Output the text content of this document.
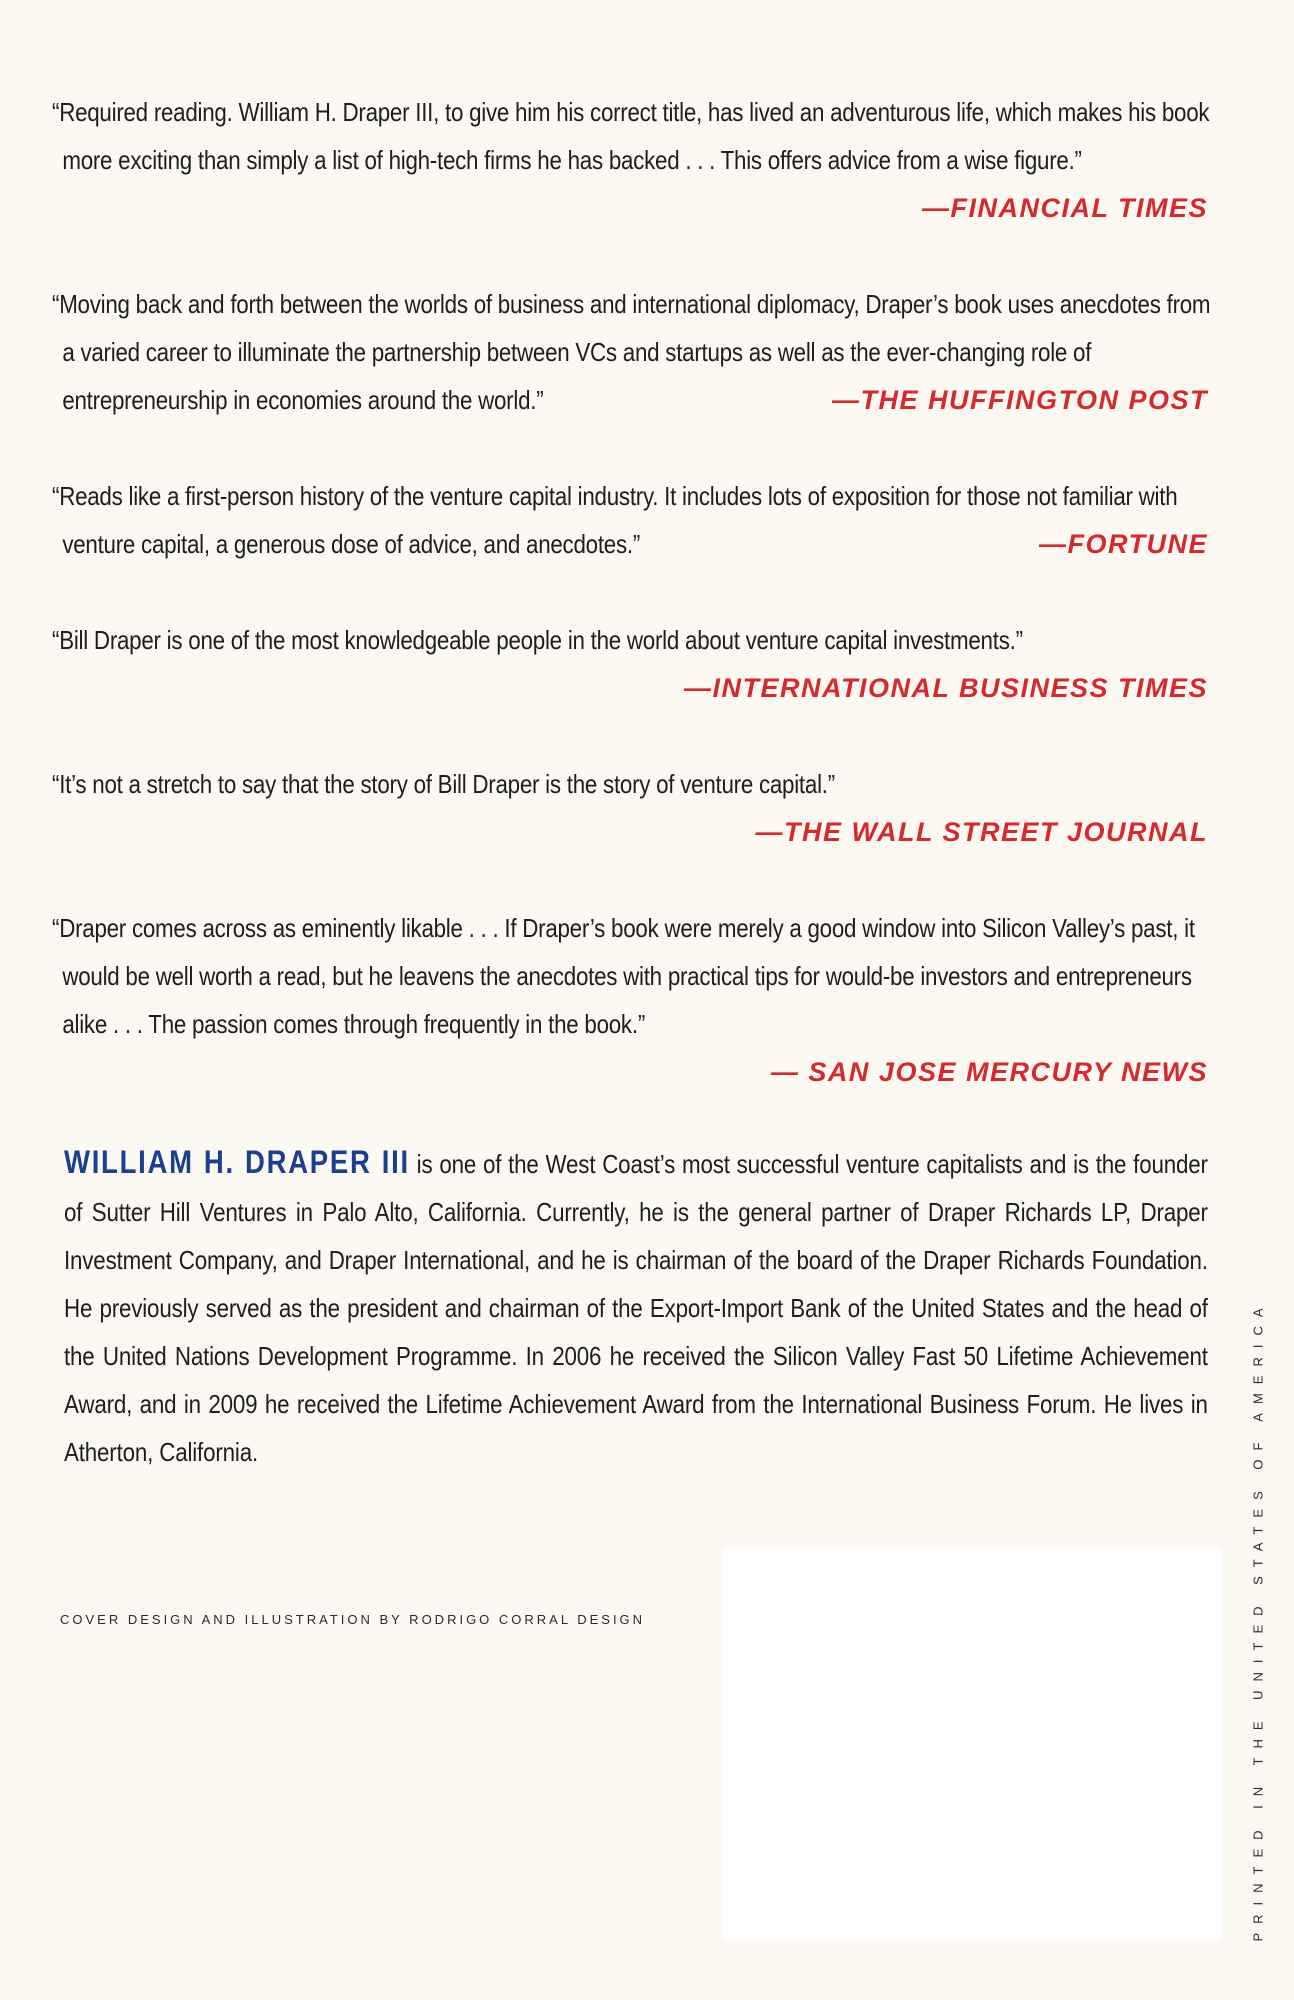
“Required reading. William H. Draper III, to give him his correct title, has lived an adventurous life, which makes his book more exciting than simply a list of high-tech firms he has backed . . . This offers advice from a wise figure.”
—FINANCIAL TIMES
“Moving back and forth between the worlds of business and international diplomacy, Draper’s book uses anecdotes from a varied career to illuminate the partnership between VCs and startups as well as the ever-changing role of entrepreneurship in economies around the world.”	—THE HUFFINGTON POST
“Reads like a first-person history of the venture capital industry. It includes lots of exposition for those not familiar with venture capital, a generous dose of advice, and anecdotes.”	—FORTUNE
“Bill Draper is one of the most knowledgeable people in the world about venture capital investments.”
—INTERNATIONAL BUSINESS TIMES
“It’s not a stretch to say that the story of Bill Draper is the story of venture capital.”
—THE WALL STREET JOURNAL
“Draper comes across as eminently likable . . . If Draper’s book were merely a good window into Silicon Valley’s past, it would be well worth a read, but he leavens the anecdotes with practical tips for would-be investors and entrepreneurs alike . . . The passion comes through frequently in the book.”
— SAN JOSE MERCURY NEWS
WILLIAM H. DRAPER III is one of the West Coast’s most successful venture capitalists and is the founder of Sutter Hill Ventures in Palo Alto, California. Currently, he is the general partner of Draper Richards LP, Draper Investment Company, and Draper International, and he is chairman of the board of the Draper Richards Foundation. He previously served as the president and chairman of the Export-Import Bank of the United States and the head of the United Nations Development Programme. In 2006 he received the Silicon Valley Fast 50 Lifetime Achievement Award, and in 2009 he received the Lifetime Achievement Award from the International Business Forum. He lives in Atherton, California.
COVER DESIGN AND ILLUSTRATION BY RODRIGO CORRAL DESIGN	PRINTED IN THE UNITED STATES OF AMERICA
